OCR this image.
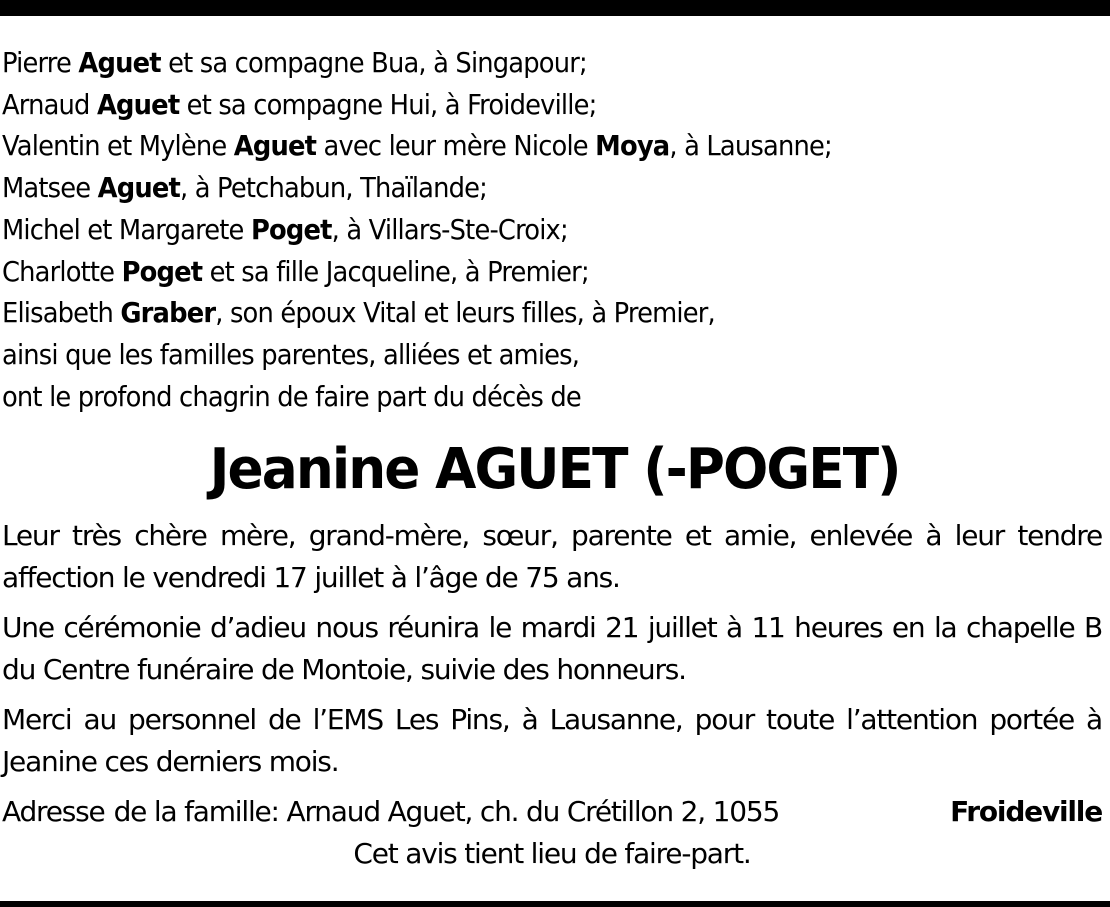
Pierre Aguet et sa compagne Bua, à Singapour;
Arnaud Aguet et sa compagne Hui, à Froideville;
Valentin et Mylène Aguet avec leur mère Nicole Moya, à Lausanne;
Matsee Aguet, à Petchabun, Thaïlande;
Michel et Margarete Poget, à Villars-Ste-Croix;
Charlotte Poget et sa fille Jacqueline, à Premier;
Elisabeth Graber, son époux Vital et leurs filles, à Premier,
ainsi que les familles parentes, alliées et amies,
ont le profond chagrin de faire part du décès de
Jeanine AGUET (-POGET)

Leur très chère mère, grand-mère, sœur, parente et amie, enlevée à leur tendre affection le vendredi 17 juillet à l’âge de 75 ans.

Une cérémonie d’adieu nous réunira le mardi 21 juillet à 11 heures en la chapelle B du Centre funéraire de Montoie, suivie des honneurs.

Merci au personnel de l’EMS Les Pins, à Lausanne, pour toute l’attention portée à Jeanine ces derniers mois.

Adresse de la famille: Arnaud Aguet, ch. du Crétillon 2, 1055	Froideville

Cet avis tient lieu de faire-part.
